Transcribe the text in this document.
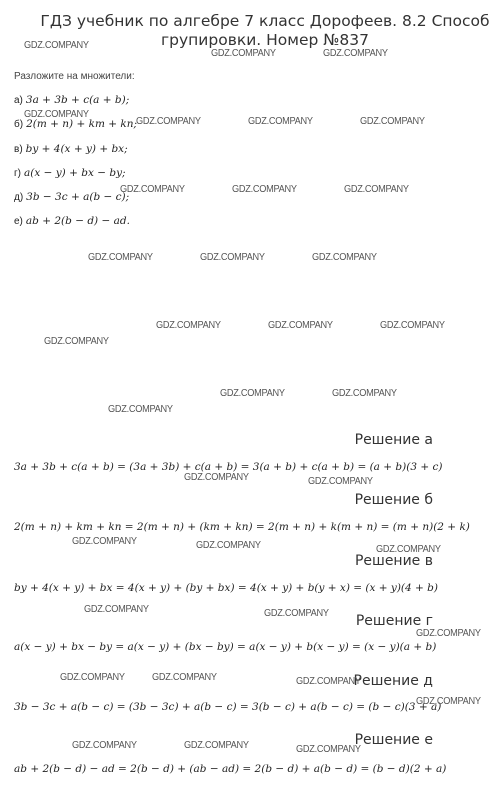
ГДЗ учебник по алгебре 7 класс Дорофеев. 8.2 Способ групировки. Номер №837
Разложите на множители:
а) 3a + 3b + c(a + b);
б) 2(m + n) + km + kn;
в) by + 4(x + y) + bx;
г) a(x − y) + bx − by;
д) 3b − 3c + a(b − c);
е) ab + 2(b − d) − ad.
Решение а
3a + 3b + c(a + b) = (3a + 3b) + c(a + b) = 3(a + b) + c(a + b) = (a + b)(3 + c)
Решение б
2(m + n) + km + kn = 2(m + n) + (km + kn) = 2(m + n) + k(m + n) = (m + n)(2 + k)
Решение в
by + 4(x + y) + bx = 4(x + y) + (by + bx) = 4(x + y) + b(y + x) = (x + y)(4 + b)
Решение г
a(x − y) + bx − by = a(x − y) + (bx − by) = a(x − y) + b(x − y) = (x − y)(a + b)
Решение д
3b − 3c + a(b − c) = (3b − 3c) + a(b − c) = 3(b − c) + a(b − c) = (b − c)(3 + a)
Решение е
ab + 2(b − d) − ad = 2(b − d) + (ab − ad) = 2(b − d) + a(b − d) = (b − d)(2 + a)
GDZ.COMPANY
GDZ.COMPANY	GDZ.COMPANY
GDZ.COMPANY
GDZ.COMPANY	GDZ.COMPANY	GDZ.COMPANY
GDZ.COMPANY	GDZ.COMPANY	GDZ.COMPANY
GDZ.COMPANY	GDZ.COMPANY	GDZ.COMPANY
GDZ.COMPANY	GDZ.COMPANY	GDZ.COMPANY
GDZ.COMPANY
GDZ.COMPANY	GDZ.COMPANY
GDZ.COMPANY
GDZ.COMPANY	GDZ.COMPANY
GDZ.COMPANY	GDZ.COMPANY	GDZ.COMPANY
GDZ.COMPANY	GDZ.COMPANY
GDZ.COMPANY
GDZ.COMPANY	GDZ.COMPANY	GDZ.COMPANY
GDZ.COMPANY
GDZ.COMPANY	GDZ.COMPANY	GDZ.COMPANY
